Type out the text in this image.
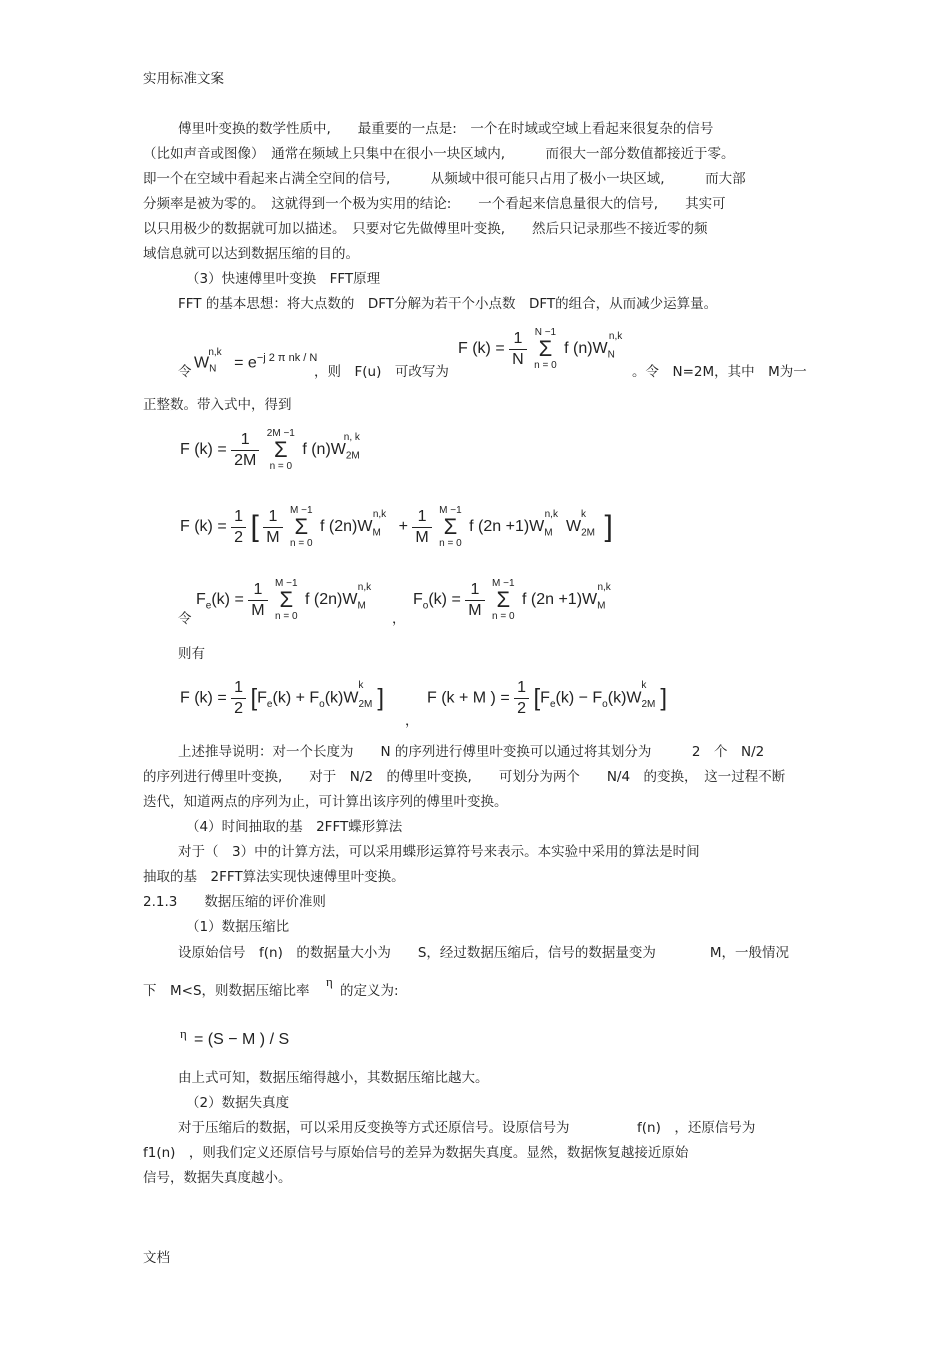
实用标准文案
傅里叶变换的数学性质中,　　最重要的一点是:　一个在时域或空域上看起来很复杂的信号
（比如声音或图像）　通常在频域上只集中在很小一块区域内,　　　而很大一部分数值都接近于零。
即一个在空域中看起来占满全空间的信号,　　　从频域中很可能只占用了极小一块区域,　　　而大部
分频率是被为零的。　这就得到一个极为实用的结论:　　一个看起来信息量很大的信号,　　其实可
以只用极少的数据就可加以描述。　只要对它先做傅里叶变换,　　然后只记录那些不接近零的频
域信息就可以达到数据压缩的目的。
（3）快速傅里叶变换　FFT原理
FFT 的基本思想：将大点数的　DFT分解为若干个小点数　DFT的组合，从而减少运算量。
令
$W_N^{n,k} = e^{-j 2 \pi nk / N}$
，则　F(u)　可改写为
F $(k) = \frac{1}{N}$ N −1
Σ
n = 0 f $(n)W_N^{n,k}$
。令　N=2M，其中　M为一
正整数。带入式中，得到
F $(k) = \frac{1}{2M} 2M -1$
Σ
n = 0 f $(n)W_{2M}^{n, k}$
F $(k) = \frac{1}{2}$ [ $\frac{1}{M}$ M −1
Σ
n = 0 f $(2n)W_M^{n,k} + \frac{1}{M}$ M −1
Σ
n = 0 f $(2n +1)W_M^{n,k}W_{2M}^k$ ]
令
$F_e(k) = \frac{1}{M}$ M −1
Σ
n = 0 f $(2n)W_M^{n,k}$
，
$F_o(k) = \frac{1}{M}$ M −1
Σ
n = 0 f $(2n +1)W_M^{n,k}$
则有
F $(k) = \frac{1}{2} [F_e(k) + F_o(k)W_{2M}^k$ ]
，
F (k + M ) = $\frac{1}{2} [F_e(k) - F_o(k)W_{2M}^k$ ]
上述推导说明：对一个长度为　　N 的序列进行傅里叶变换可以通过将其划分为　　　2　个　N/2
的序列进行傅里叶变换,　　对于　N/2　的傅里叶变换,　　可划分为两个　　N/4　的变换，　这一过程不断
迭代，知道两点的序列为止，可计算出该序列的傅里叶变换。
（4）时间抽取的基　2FFT蝶形算法
对于（　3）中的计算方法，可以采用蝶形运算符号来表示。本实验中采用的算法是时间
抽取的基　2FFT算法实现快速傅里叶变换。
2.1.3　　数据压缩的评价准则
（1）数据压缩比
设原始信号　f(n)　的数据量大小为　　S，经过数据压缩后，信号的数据量变为　　　　M，一般情况
下　M<S，则数据压缩比率
η
的定义为:
η = (S − M ) / S
由上式可知，数据压缩得越小，其数据压缩比越大。
（2）数据失真度
对于压缩后的数据，可以采用反变换等方式还原信号。设原信号为　　　　　f(n)　，还原信号为
f1(n)　，则我们定义还原信号与原始信号的差异为数据失真度。显然，数据恢复越接近原始
信号，数据失真度越小。
文档
